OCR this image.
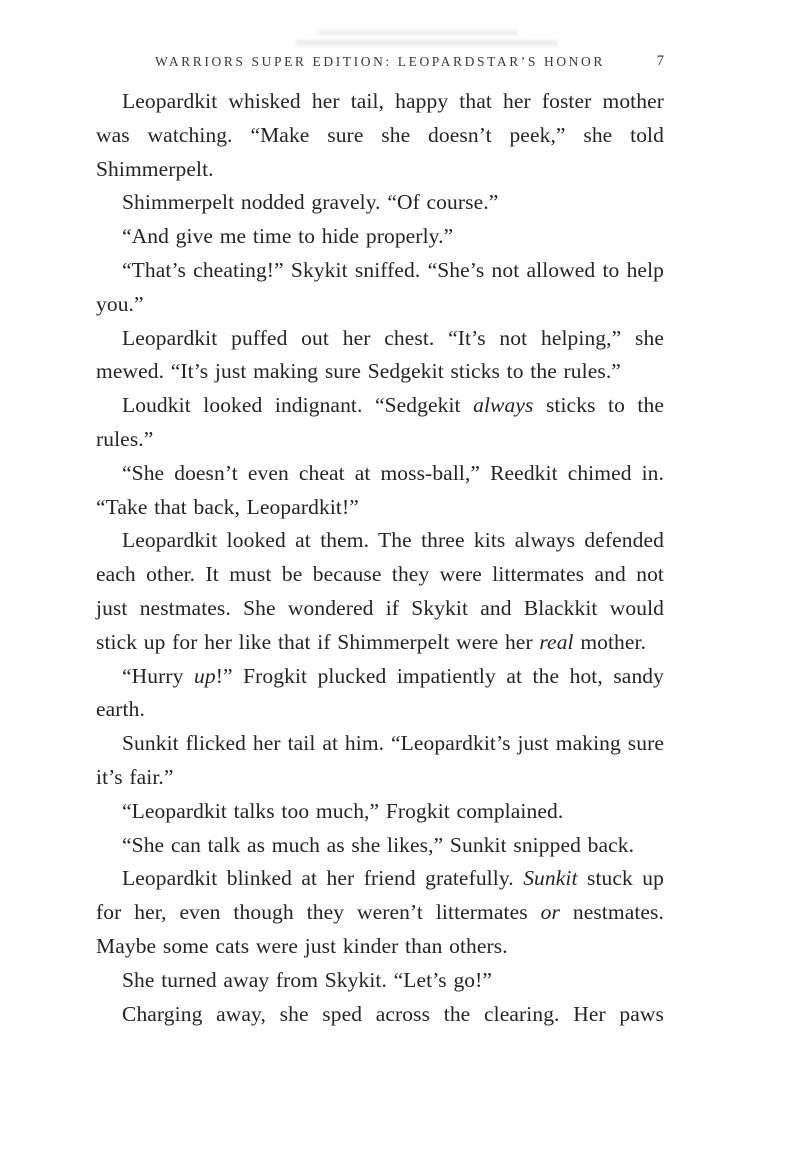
WARRIORS SUPER EDITION: LEOPARDSTAR’S HONOR	7

Leopardkit whisked her tail, happy that her foster mother was watching. “Make sure she doesn’t peek,” she told Shimmerpelt.

Shimmerpelt nodded gravely. “Of course.”

“And give me time to hide properly.”

“That’s cheating!” Skykit sniffed. “She’s not allowed to help you.”

Leopardkit puffed out her chest. “It’s not helping,” she mewed. “It’s just making sure Sedgekit sticks to the rules.”

Loudkit looked indignant. “Sedgekit always sticks to the rules.”

“She doesn’t even cheat at moss-ball,” Reedkit chimed in. “Take that back, Leopardkit!”

Leopardkit looked at them. The three kits always defended each other. It must be because they were littermates and not just nestmates. She wondered if Skykit and Blackkit would stick up for her like that if Shimmerpelt were her real mother.

“Hurry up!” Frogkit plucked impatiently at the hot, sandy earth.

Sunkit flicked her tail at him. “Leopardkit’s just making sure it’s fair.”

“Leopardkit talks too much,” Frogkit complained.

“She can talk as much as she likes,” Sunkit snipped back.

Leopardkit blinked at her friend gratefully. Sunkit stuck up for her, even though they weren’t littermates or nestmates. Maybe some cats were just kinder than others.

She turned away from Skykit. “Let’s go!”

Charging away, she sped across the clearing. Her paws
